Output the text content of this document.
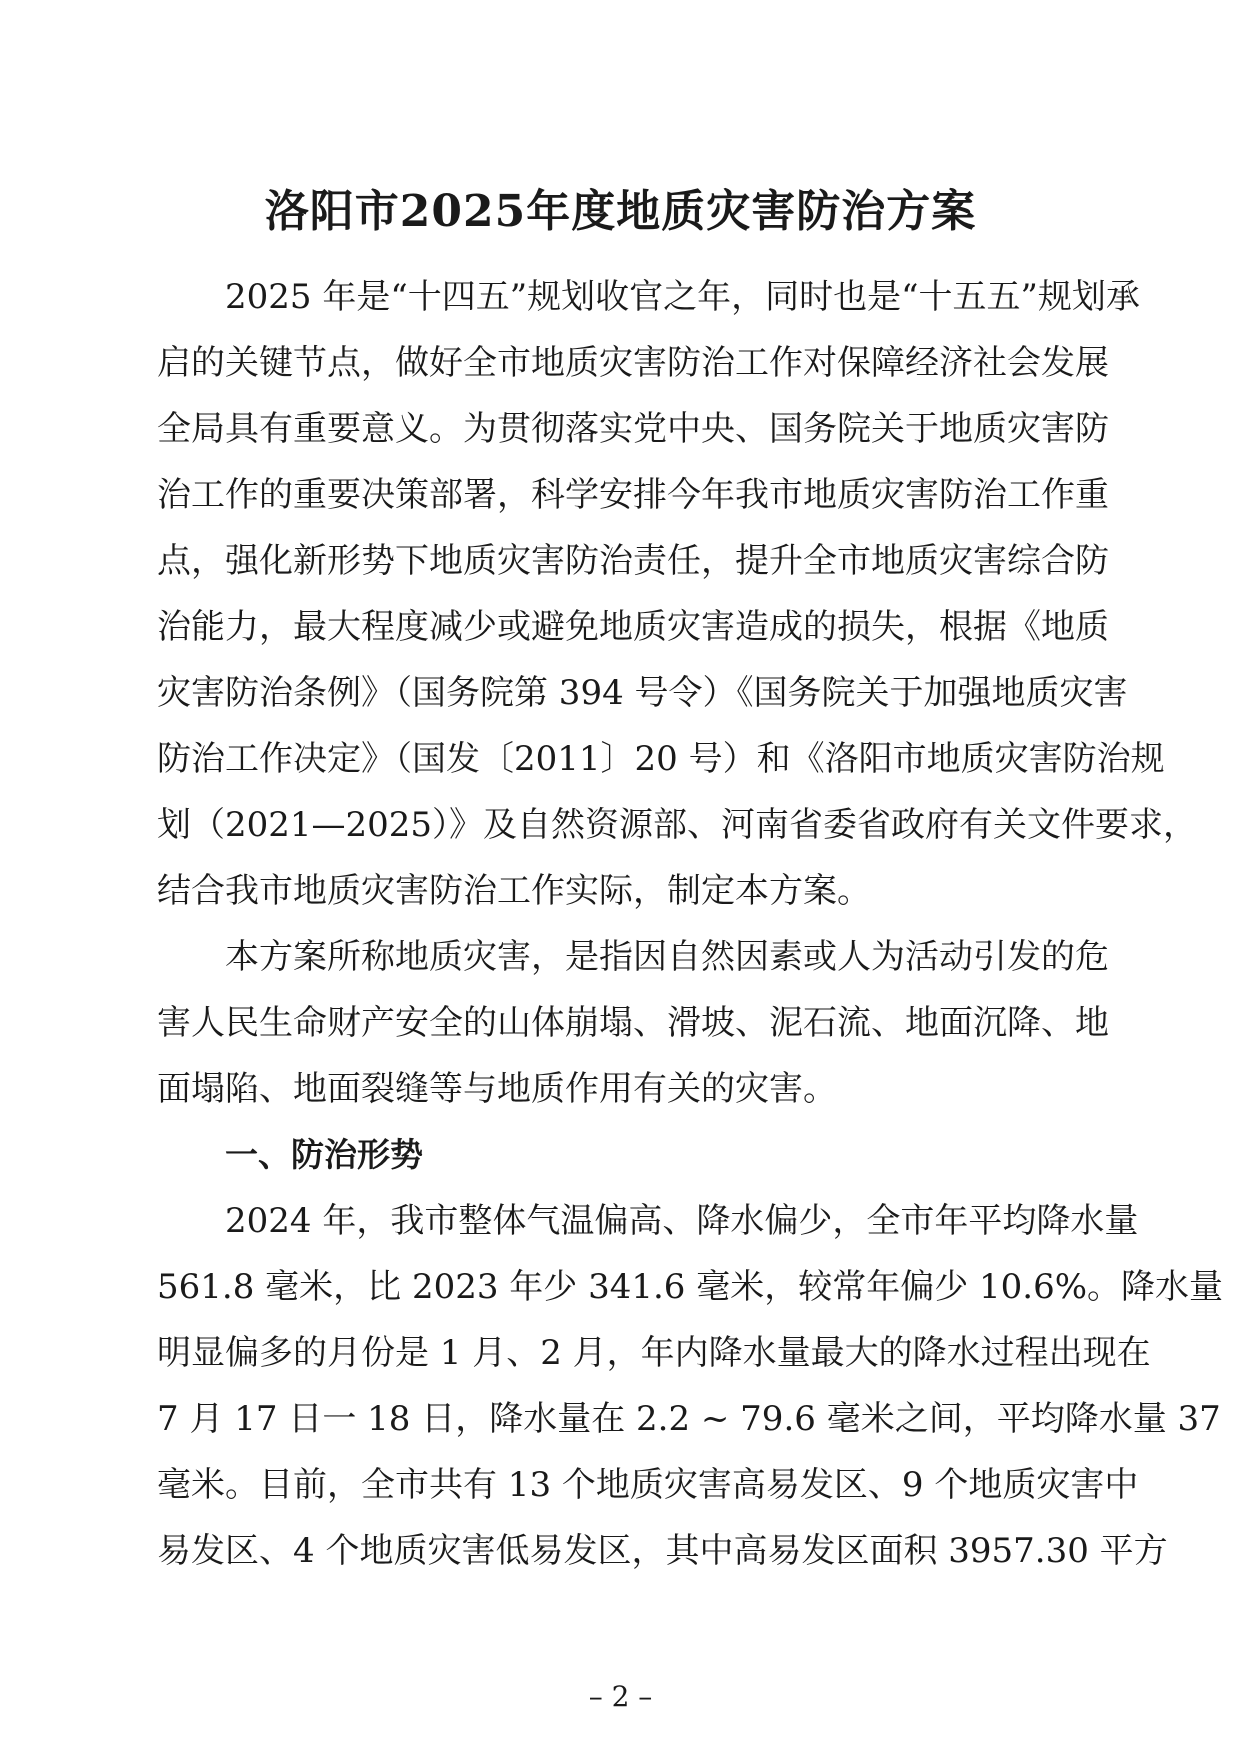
洛阳市2025年度地质灾害防治方案
2025 年是“十四五”规划收官之年，同时也是“十五五”规划承
启的关键节点，做好全市地质灾害防治工作对保障经济社会发展
全局具有重要意义。为贯彻落实党中央、国务院关于地质灾害防
治工作的重要决策部署，科学安排今年我市地质灾害防治工作重
点，强化新形势下地质灾害防治责任，提升全市地质灾害综合防
治能力，最大程度减少或避免地质灾害造成的损失，根据《地质
灾害防治条例》（国务院第 394 号令）《国务院关于加强地质灾害
防治工作决定》（国发〔2011〕20 号）和《洛阳市地质灾害防治规
划（2021—2025）》及自然资源部、河南省委省政府有关文件要求，
结合我市地质灾害防治工作实际，制定本方案。
本方案所称地质灾害，是指因自然因素或人为活动引发的危
害人民生命财产安全的山体崩塌、滑坡、泥石流、地面沉降、地
面塌陷、地面裂缝等与地质作用有关的灾害。
一、防治形势
2024 年，我市整体气温偏高、降水偏少，全市年平均降水量
561.8 毫米，比 2023 年少 341.6 毫米，较常年偏少 10.6%。降水量
明显偏多的月份是 1 月、2 月，年内降水量最大的降水过程出现在
7 月 17 日一 18 日，降水量在 2.2 ~ 79.6 毫米之间，平均降水量 37
毫米。目前，全市共有 13 个地质灾害高易发区、9 个地质灾害中
易发区、4 个地质灾害低易发区，其中高易发区面积 3957.30 平方
– 2 –
